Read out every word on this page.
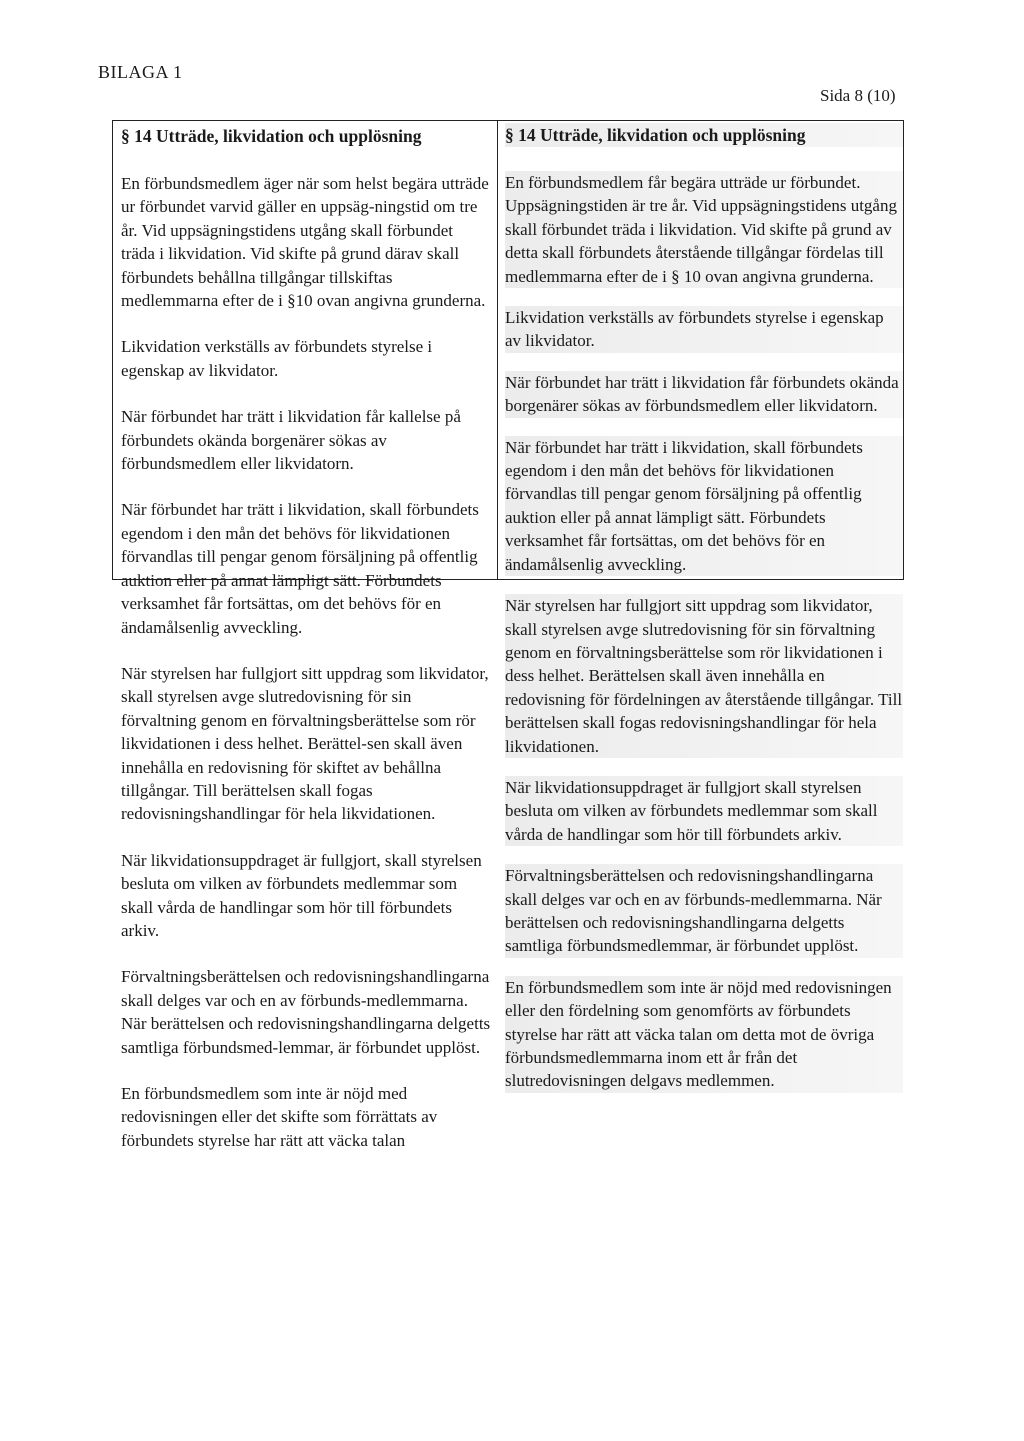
BILAGA 1
Sida 8 (10)
§ 14 Utträde, likvidation och upplösning

En förbundsmedlem äger när som helst begära utträde ur förbundet varvid gäller en uppsäg-ningstid om tre år. Vid uppsägningstidens utgång skall förbundet träda i likvidation. Vid skifte på grund därav skall förbundets behållna tillgångar tillskiftas medlemmarna efter de i §10 ovan angivna grunderna.

Likvidation verkställs av förbundets styrelse i egenskap av likvidator.

När förbundet har trätt i likvidation får kallelse på förbundets okända borgenärer sökas av förbundsmedlem eller likvidatorn.

När förbundet har trätt i likvidation, skall förbundets egendom i den mån det behövs för likvidationen förvandlas till pengar genom försäljning på offentlig auktion eller på annat lämpligt sätt. Förbundets verksamhet får fortsättas, om det behövs för en ändamålsenlig avveckling.

När styrelsen har fullgjort sitt uppdrag som likvidator, skall styrelsen avge slutredovisning för sin förvaltning genom en förvaltningsberättelse som rör likvidationen i dess helhet. Berättel-sen skall även innehålla en redovisning för skiftet av behållna tillgångar. Till berättelsen skall fogas redovisningshandlingar för hela likvidationen.

När likvidationsuppdraget är fullgjort, skall styrelsen besluta om vilken av förbundets medlemmar som skall vårda de handlingar som hör till förbundets arkiv.

Förvaltningsberättelsen och redovisningshandlingarna skall delges var och en av förbunds-medlemmarna. När berättelsen och redovisningshandlingarna delgetts samtliga förbundsmed-lemmar, är förbundet upplöst.

En förbundsmedlem som inte är nöjd med redovisningen eller det skifte som förrättats av förbundets styrelse har rätt att väcka talan

§ 14 Utträde, likvidation och upplösning

En förbundsmedlem får begära utträde ur förbundet. Uppsägningstiden är tre år. Vid uppsägningstidens utgång skall förbundet träda i likvidation. Vid skifte på grund av detta skall förbundets återstående tillgångar fördelas till medlemmarna efter de i § 10 ovan angivna grunderna.

Likvidation verkställs av förbundets styrelse i egenskap av likvidator.

När förbundet har trätt i likvidation får förbundets okända borgenärer sökas av förbundsmedlem eller likvidatorn.

När förbundet har trätt i likvidation, skall förbundets egendom i den mån det behövs för likvidationen förvandlas till pengar genom försäljning på offentlig auktion eller på annat lämpligt sätt. Förbundets verksamhet får fortsättas, om det behövs för en ändamålsenlig avveckling.

När styrelsen har fullgjort sitt uppdrag som likvidator, skall styrelsen avge slutredovisning för sin förvaltning genom en förvaltningsberättelse som rör likvidationen i dess helhet. Berättelsen skall även innehålla en redovisning för fördelningen av återstående tillgångar. Till berättelsen skall fogas redovisningshandlingar för hela likvidationen.

När likvidationsuppdraget är fullgjort skall styrelsen besluta om vilken av förbundets medlemmar som skall vårda de handlingar som hör till förbundets arkiv.

Förvaltningsberättelsen och redovisningshandlingarna skall delges var och en av förbunds-medlemmarna. När berättelsen och redovisningshandlingarna delgetts samtliga förbundsmedlemmar, är förbundet upplöst.

En förbundsmedlem som inte är nöjd med redovisningen eller den fördelning som genomförts av förbundets styrelse har rätt att väcka talan om detta mot de övriga förbundsmedlemmarna inom ett år från det slutredovisningen delgavs medlemmen.
